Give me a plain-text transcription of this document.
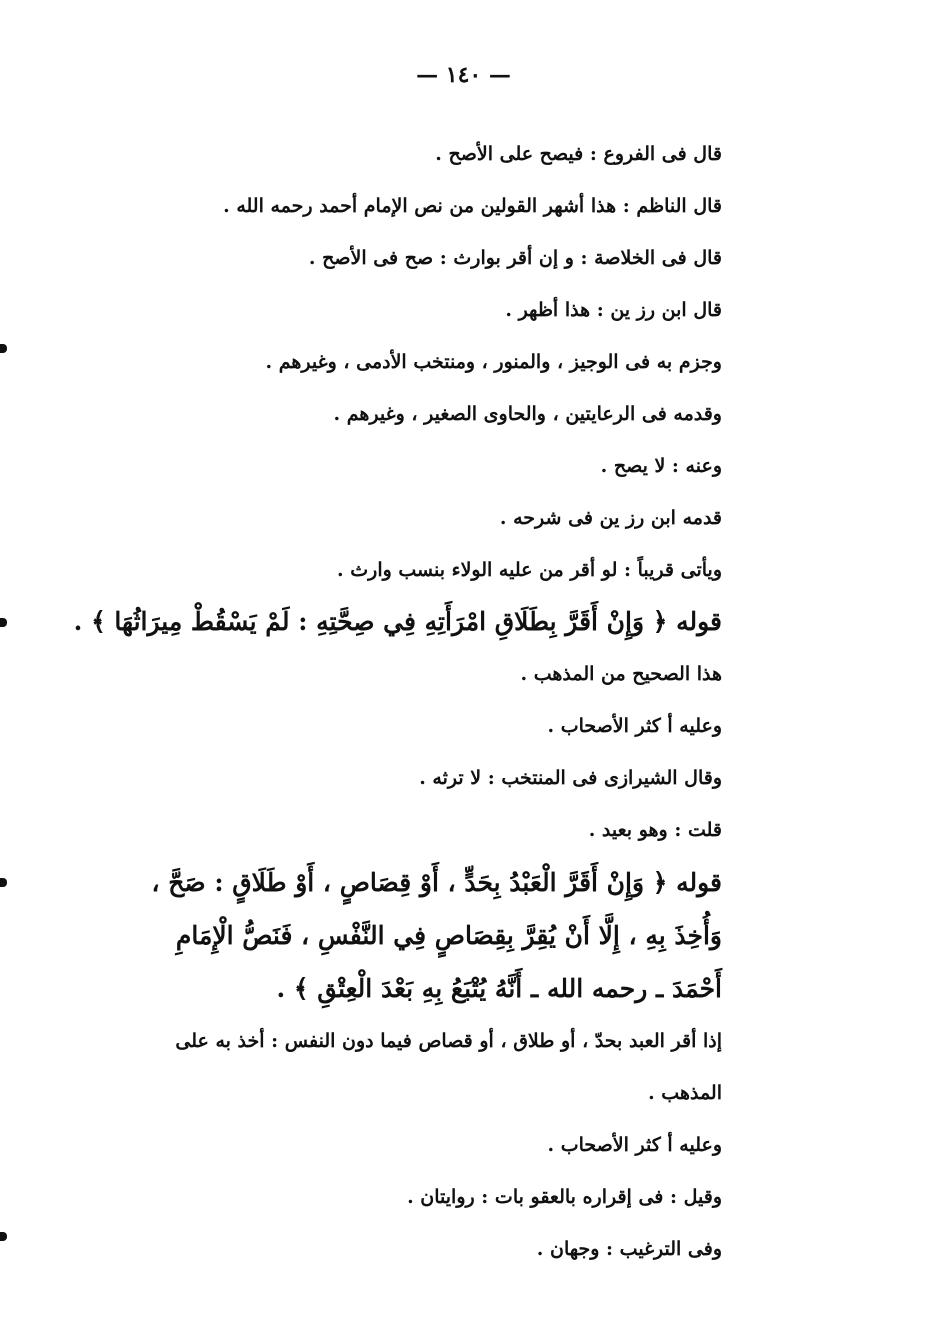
— ١٤٠ —
قال فى الفروع : فيصح على الأصح .
قال الناظم : هذا أشهر القولين من نص الإمام أحمد رحمه الله .
قال فى الخلاصة : و إن أقر بوارث : صح فى الأصح .
قال ابن رز ين : هذا أظهر .
وجزم به فى الوجيز ، والمنور ، ومنتخب الأدمى ، وغيرهم .
وقدمه فى الرعايتين ، والحاوى الصغير ، وغيرهم .
وعنه : لا يصح .
قدمه ابن رز ين فى شرحه .
ويأتى قريباً : لو أقر من عليه الولاء بنسب وارث .
قوله ﴿ وَإِنْ أَقَرَّ بِطَلَاقِ امْرَأَتِهِ فِي صِحَّتِهِ : لَمْ يَسْقُطْ مِيرَاثُهَا ﴾ .
هذا الصحيح من المذهب .
وعليه أ كثر الأصحاب .
وقال الشيرازى فى المنتخب : لا ترثه .
قلت : وهو بعيد .
قوله ﴿ وَإِنْ أَقَرَّ الْعَبْدُ بِحَدٍّ ، أَوْ قِصَاصٍ ، أَوْ طَلَاقٍ : صَحَّ ، وَأُخِذَ بِهِ ، إِلَّا أَنْ يُقِرَّ بِقِصَاصٍ فِي النَّفْسِ ، فَنَصُّ الْإِمَامِ أَحْمَدَ ـ رحمه الله ـ أَنَّهُ يُتْبَعُ بِهِ بَعْدَ الْعِتْقِ ﴾ .
إذا أقر العبد بحدّ ، أو طلاق ، أو قصاص فيما دون النفس : أخذ به على المذهب .
وعليه أ كثر الأصحاب .
وقيل : فى إقراره بالعقو بات : روايتان .
وفى الترغيب : وجهان .
